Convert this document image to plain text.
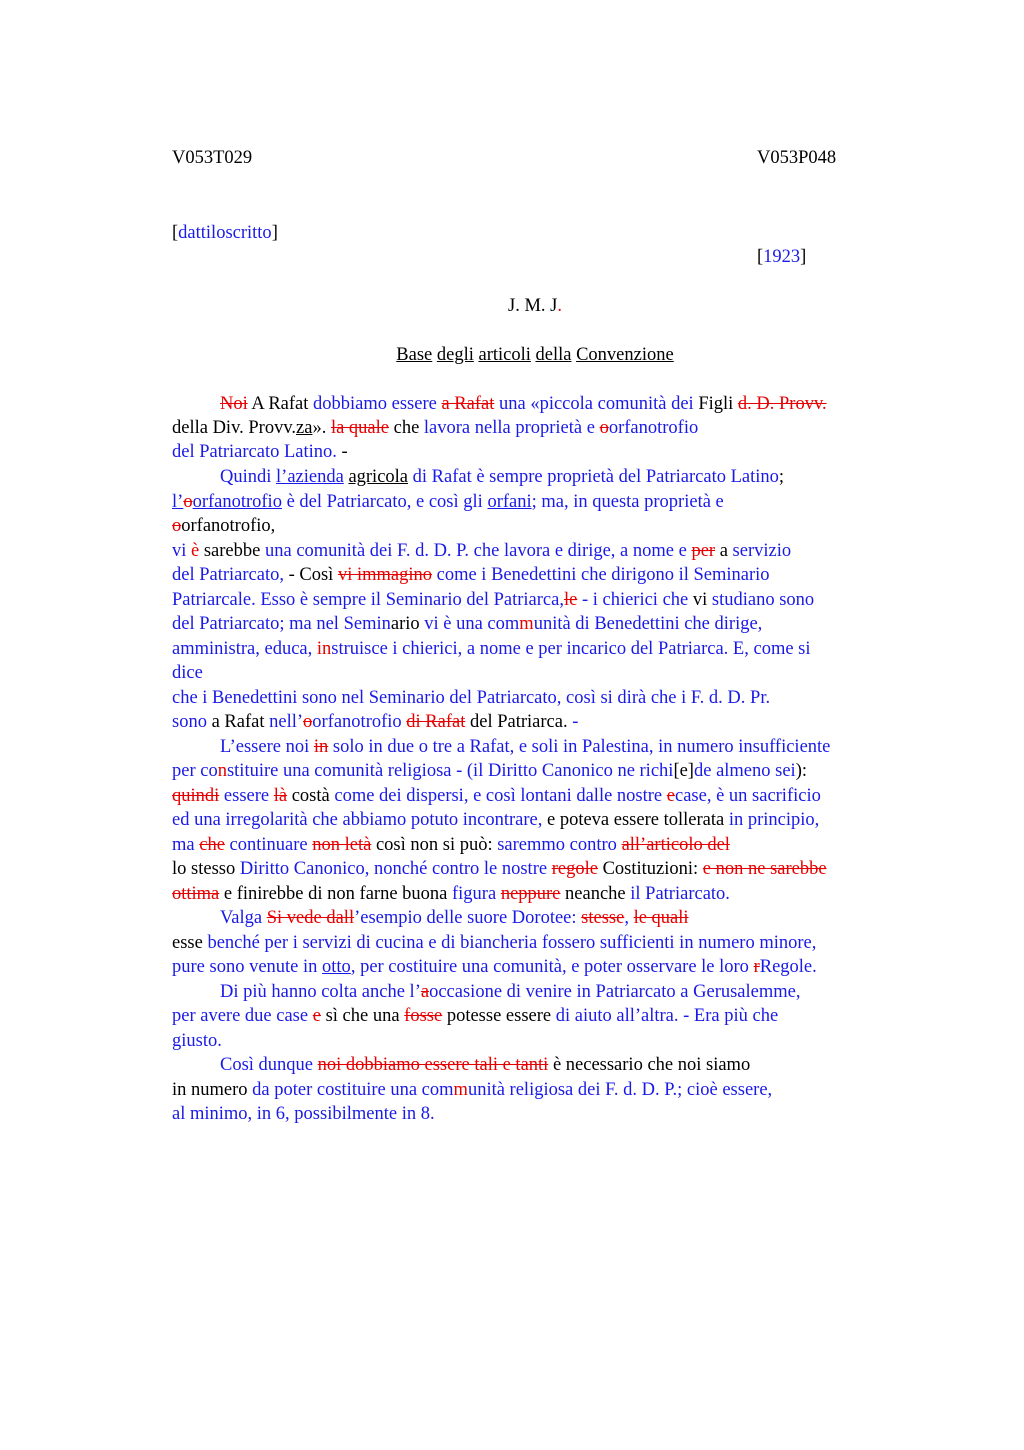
V053T029	V053P048
[dattiloscritto]
[1923]
J. M. J.
Base degli articoli della Convenzione
Noi A Rafat dobbiamo essere a Rafat una «piccola comunità dei Figli d. D. Provv.
della Div. Provv.za». la quale che lavora nella proprietà e oorfanotrofio
del Patriarcato Latino. -
Quindi l’azienda agricola di Rafat è sempre proprietà del Patriarcato Latino;
l’oorfanotrofio è del Patriarcato, e così gli orfani; ma, in questa proprietà e
oorfanotrofio,
vi è sarebbe una comunità dei F. d. D. P. che lavora e dirige, a nome e per a servizio
del Patriarcato, - Così vi immagino come i Benedettini che dirigono il Seminario
Patriarcale. Esso è sempre il Seminario del Patriarca,le - i chierici che vi studiano sono
del Patriarcato; ma nel Seminario vi è una communità di Benedettini che dirige,
amministra, educa, instruisce i chierici, a nome e per incarico del Patriarca. E, come si
dice
che i Benedettini sono nel Seminario del Patriarcato, così si dirà che i F. d. D. Pr.
sono a Rafat nell’oorfanotrofio di Rafat del Patriarca. -
L’essere noi in solo in due o tre a Rafat, e soli in Palestina, in numero insufficiente
per constituire una comunità religiosa - (il Diritto Canonico ne richi[e]de almeno sei):
quindi essere là costà come dei dispersi, e così lontani dalle nostre ecase, è un sacrificio
ed una irregolarità che abbiamo potuto incontrare, e poteva essere tollerata in principio,
ma che continuare non letà così non si può: saremmo contro all’articolo del
lo stesso Diritto Canonico, nonché contro le nostre regole Costituzioni: e non ne sarebbe
ottima e finirebbe di non farne buona figura neppure neanche il Patriarcato.
Valga Si vede dall’esempio delle suore Dorotee: stesse, le quali
esse benché per i servizi di cucina e di biancheria fossero sufficienti in numero minore,
pure sono venute in otto, per costituire una comunità, e poter osservare le loro rRegole.
Di più hanno colta anche l’aoccasione di venire in Patriarcato a Gerusalemme,
per avere due case e sì che una fosse potesse essere di aiuto all’altra. - Era più che
giusto.
Così dunque noi dobbiamo essere tali e tanti è necessario che noi siamo
in numero da poter costituire una communità religiosa dei F. d. D. P.; cioè essere,
al minimo, in 6, possibilmente in 8.
